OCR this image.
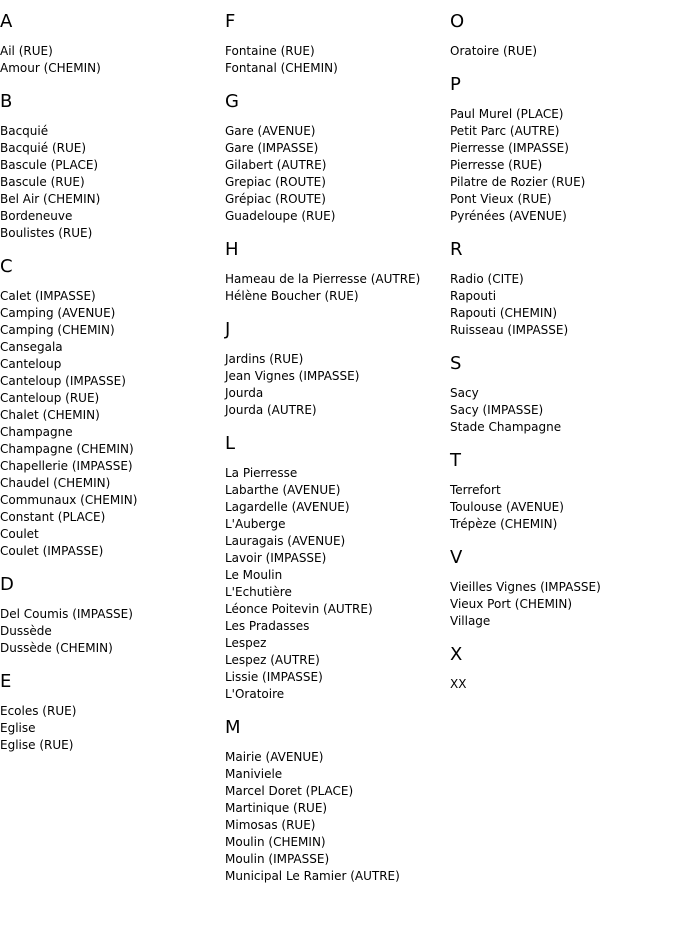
A
Ail (RUE)
Amour (CHEMIN)
B
Bacquié
Bacquié (RUE)
Bascule (PLACE)
Bascule (RUE)
Bel Air (CHEMIN)
Bordeneuve
Boulistes (RUE)
C
Calet (IMPASSE)
Camping (AVENUE)
Camping (CHEMIN)
Cansegala
Canteloup
Canteloup (IMPASSE)
Canteloup (RUE)
Chalet (CHEMIN)
Champagne
Champagne (CHEMIN)
Chapellerie (IMPASSE)
Chaudel (CHEMIN)
Communaux (CHEMIN)
Constant (PLACE)
Coulet
Coulet (IMPASSE)
D
Del Coumis (IMPASSE)
Dussède
Dussède (CHEMIN)
E
Ecoles (RUE)
Eglise
Eglise (RUE)
F
Fontaine (RUE)
Fontanal (CHEMIN)
G
Gare (AVENUE)
Gare (IMPASSE)
Gilabert (AUTRE)
Grepiac (ROUTE)
Grépiac (ROUTE)
Guadeloupe (RUE)
H
Hameau de la Pierresse (AUTRE)
Hélène Boucher (RUE)
J
Jardins (RUE)
Jean Vignes (IMPASSE)
Jourda
Jourda (AUTRE)
L
La Pierresse
Labarthe (AVENUE)
Lagardelle (AVENUE)
L'Auberge
Lauragais (AVENUE)
Lavoir (IMPASSE)
Le Moulin
L'Echutière
Léonce Poitevin (AUTRE)
Les Pradasses
Lespez
Lespez (AUTRE)
Lissie (IMPASSE)
L'Oratoire
M
Mairie (AVENUE)
Maniviele
Marcel Doret (PLACE)
Martinique (RUE)
Mimosas (RUE)
Moulin (CHEMIN)
Moulin (IMPASSE)
Municipal Le Ramier (AUTRE)
O
Oratoire (RUE)
P
Paul Murel (PLACE)
Petit Parc (AUTRE)
Pierresse (IMPASSE)
Pierresse (RUE)
Pilatre de Rozier (RUE)
Pont Vieux (RUE)
Pyrénées (AVENUE)
R
Radio (CITE)
Rapouti
Rapouti (CHEMIN)
Ruisseau (IMPASSE)
S
Sacy
Sacy (IMPASSE)
Stade Champagne
T
Terrefort
Toulouse (AVENUE)
Trépèze (CHEMIN)
V
Vieilles Vignes (IMPASSE)
Vieux Port (CHEMIN)
Village
X
XX
